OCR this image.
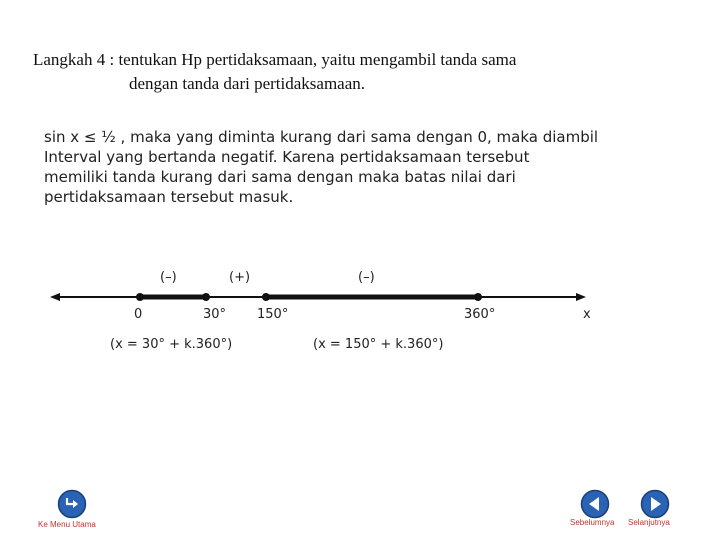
Langkah 4 : tentukan Hp pertidaksamaan, yaitu mengambil tanda sama
dengan tanda dari pertidaksamaan.
sin x ≤ ½ , maka yang diminta kurang dari sama dengan 0, maka diambil
Interval yang bertanda negatif. Karena pertidaksamaan tersebut
memiliki tanda kurang dari sama dengan maka batas nilai dari
pertidaksamaan tersebut masuk.
(–)	(+)	(–)
0	30° 150°	360°	x
(x = 30° + k.360°)	(x = 150° + k.360°)
Ke Menu Utama	Sebelumnya Selanjutnya
